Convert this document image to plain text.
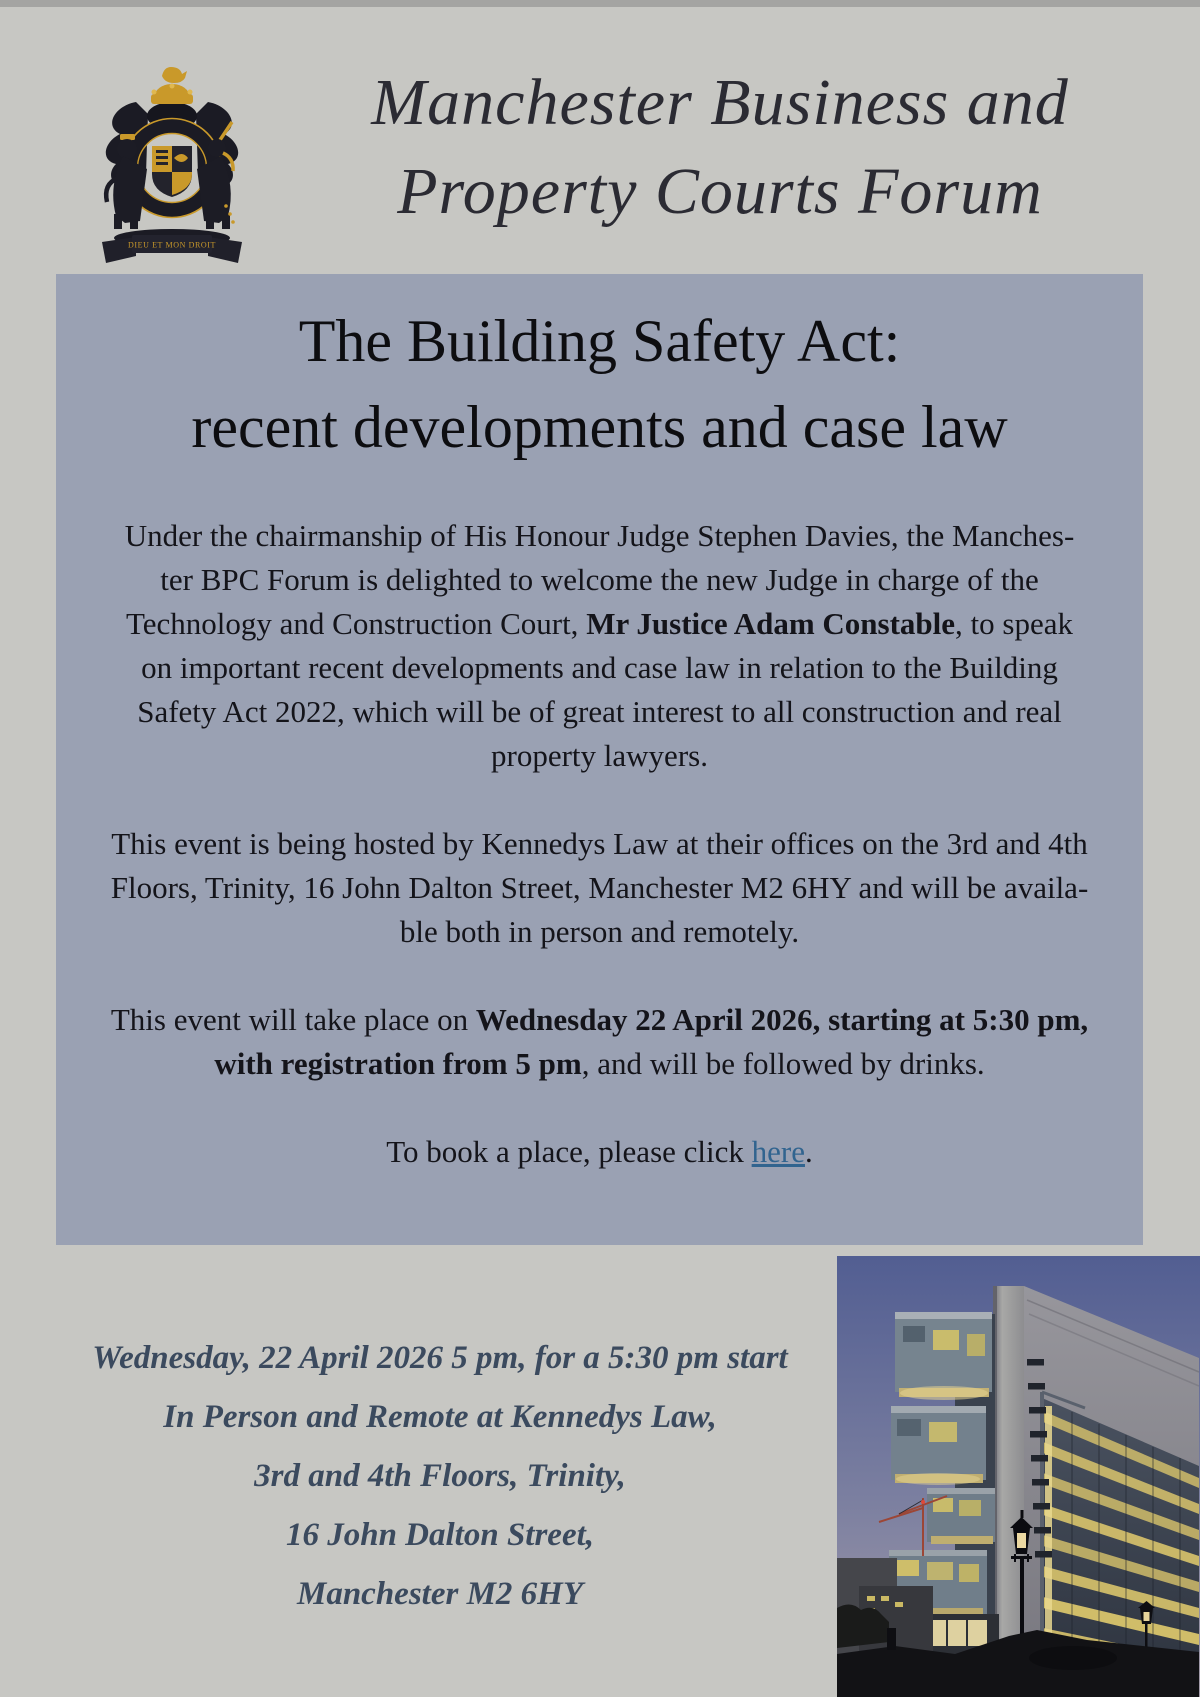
DIEU ET MON DROIT
Manchester Business and
Property Courts Forum
The Building Safety Act:
recent developments and case law
Under the chairmanship of His Honour Judge Stephen Davies, the Manches-
ter BPC Forum is delighted to welcome the new Judge in charge of the
Technology and Construction Court, Mr Justice Adam Constable, to speak
on important recent developments and case law in relation to the Building
Safety Act 2022, which will be of great interest to all construction and real
property lawyers.
This event is being hosted by Kennedys Law at their offices on the 3rd and 4th
Floors, Trinity, 16 John Dalton Street, Manchester M2 6HY and will be availa-
ble both in person and remotely.
This event will take place on Wednesday 22 April 2026, starting at 5:30 pm,
with registration from 5 pm, and will be followed by drinks.
To book a place, please click here.
Wednesday, 22 April 2026 5 pm, for a 5:30 pm start
In Person and Remote at Kennedys Law,
3rd and 4th Floors, Trinity,
16 John Dalton Street,
Manchester M2 6HY
